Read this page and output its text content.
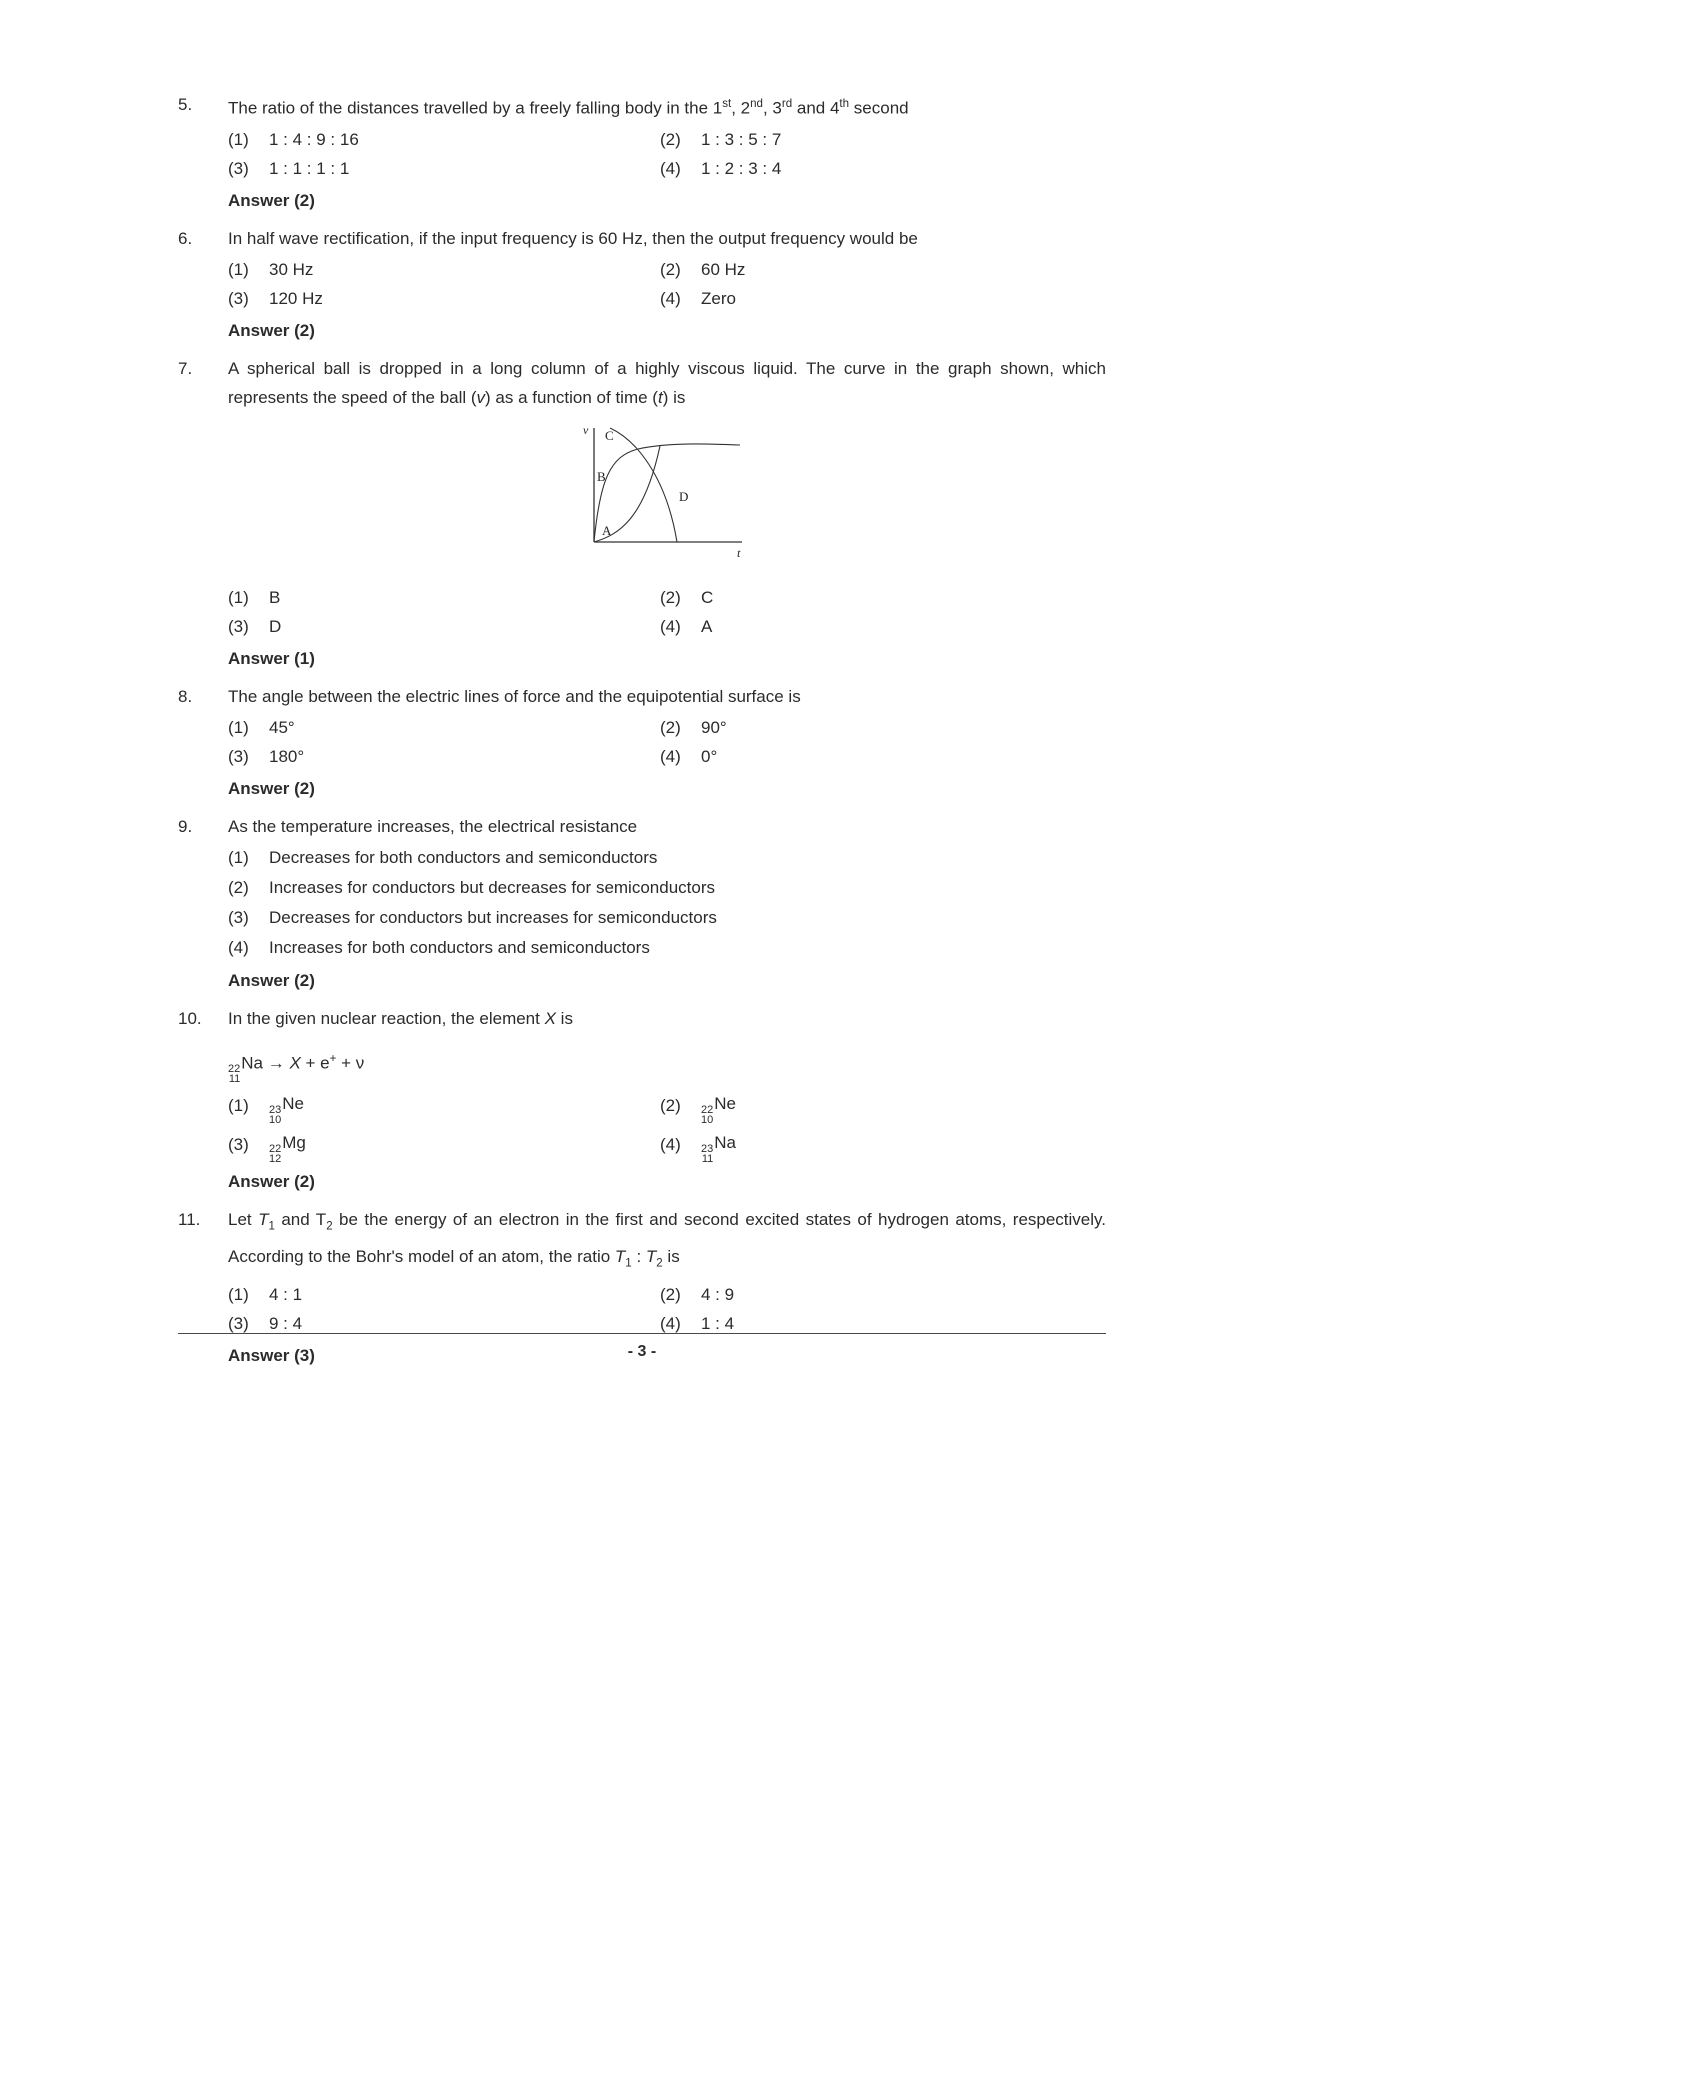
5.	The ratio of the distances travelled by a freely falling body in the 1st, 2nd, 3rd and 4th second
(1)	1 : 4 : 9 : 16	(2)	1 : 3 : 5 : 7
(3)	1 : 1 : 1 : 1	(4)	1 : 2 : 3 : 4
Answer (2)
6.	In half wave rectification, if the input frequency is 60 Hz, then the output frequency would be
(1)	30 Hz	(2)	60 Hz
(3)	120 Hz	(4)	Zero
Answer (2)
7.	A spherical ball is dropped in a long column of a highly viscous liquid. The curve in the graph shown, which represents the speed of the ball (v) as a function of time (t) is
v
t
C
B
D
A
(1)	B	(2)	C
(3)	D	(4)	A
Answer (1)
8.	The angle between the electric lines of force and the equipotential surface is
(1)	45°	(2)	90°
(3)	180°	(4)	0°
Answer (2)
9.	As the temperature increases, the electrical resistance
(1)	Decreases for both conductors and semiconductors
(2)	Increases for conductors but decreases for semiconductors
(3)	Decreases for conductors but increases for semiconductors
(4)	Increases for both conductors and semiconductors
Answer (2)
10.	In the given nuclear reaction, the element X is
22
11
Na → X + e+ + ν
(1)	23
10
Ne	(2)	22
10
Ne
(3)	22
12
Mg	(4)	23
11
Na
Answer (2)
11.	Let $T_1$ and $T_2$ be the energy of an electron in the first and second excited states of hydrogen atoms, respectively. According to the Bohr's model of an atom, the ratio $T_1$ : $T_2$ is
(1)	4 : 1	(2)	4 : 9
(3)	9 : 4	(4)	1 : 4
Answer (3)	- 3 -
